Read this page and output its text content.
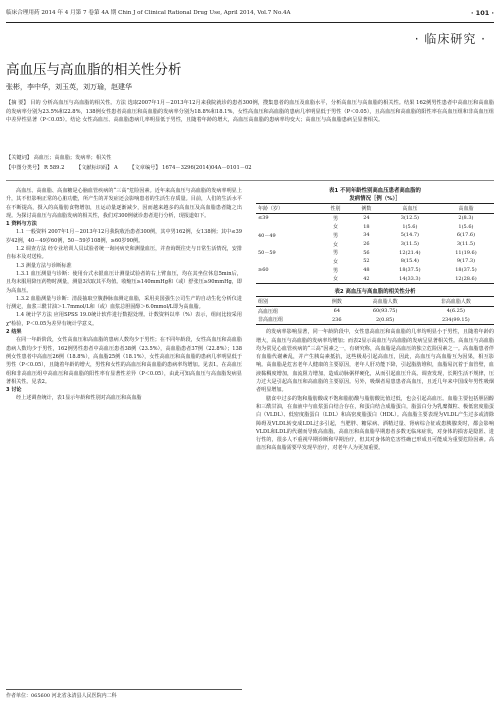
临床合理用药 2014 年 4 月第 7 卷第 4A 期 Chin J of Clinical Rational Drug Use, April 2014, Vol.7 No.4A	· 101 ·
· 临床研究 ·
高血压与高血脂的相关性分析
张彬，李中华，刘玉英，刘万瑜，赵建华
【摘 要】 目的 分析高血压与高血脂的相关性。方法 选取2007年1月－2013年12月来我院就诊的患者300例，搜集患者的血压及血脂水平，分析高血压与高血脂的相关性。结果 162例男性患者中高血压和高血脂的发病率分别为23.5%和22.8%，138例女性患者高血压和高血脂的发病率分别为18.8%和18.1%，女性高血压和高血脂的患病几率明显低于男性（P＜0.05），且高血压和高血脂的阳性率在高血压组和非高血压组中差异性显著（P＜0.05）。结论 女性高血压、高血脂患病几率明显低于男性，且随着年龄的增大，高血压高血脂的患病率均变大；高血压与高血脂患病呈显著相关。
【关键词】 高血压；高血脂；发病率；相关性
【中图分类号】 R 589.2 【文献标识码】 A 【文章编号】 1674－3296(2014)04A－0101－02

高血压、高血脂、高血糖是心脑血管疾病的“三高”危险因素。近年来高血压与高血脂的发病率明显上升，其不但影响正常的心脏功能，所产生的并发症还会影响患者的生活生存质量。目前，人们的生活水平在不断提高，摄入的高脂肪食物增加，且运动量逐渐减少，因而越来越多的高血压及高血脂患者随之出现。为探讨高血压与高血脂发病的相关性，我们对300例就诊患者进行分析，现报道如下。

1 资料与方法

1.1 一般资料 2007年1月－2013年12月我院收治患者300例，其中男162例，女138例；其中≤39岁42例，40－49岁60例，50－59岁108例，≥60岁90例。

1.2 调查方法 经专业培训人员试验者统一询问病史和测量血压，并查询既往史与日常生活情况，安排自标本及对送检。

1.3 测量方法与诊断标准

1.3.1 血压测量与诊断：使用台式水银血压计测量试验者的右上臂血压，均在其坐位休息5min后，且均未服用降压药物时测量，测量3次取其平均值。收缩压≥140mmHg和（或）舒张压≥90mmHg，即为高血压。

1.3.2 血脂测量与诊断：清晨抽取空腹静脉血测定血脂，采用美国强生公司生产的自动生化分析仪进行测定，血浆三酰甘油＞1.7mmol/L和（或）血浆总胆固醇＞6.0mmol/L即为高血脂。

1.4 统计学方法 应用SPSS 19.0统计软件进行数据处理。计数资料以率（%）表示，组间比较采用χ²检验，P＜0.05为差异有统计学意义。

2 结果

在同一年龄阶段，女性高血压和高血脂的患病人数均少于男性；在不同年龄段，女性高血压和高血脂患病人数均少于男性，162例男性患者中高血压患者38例（23.5%），高血脂患者37例（22.8%）；138例女性患者中高血压26例（18.8%），高血脂25例（18.1%），女性高血压和高血脂的患病几率明显低于男性（P＜0.05），且随着年龄的增大，男性和女性的高血压和高血脂的患病率均增加。见表1。在高血压组和非高血压组中高血压和高血脂的阳性率有显著性差异（P＜0.05），由此可知高血压与高血脂发病显著相关性。见表2。

3 讨论

经上述调查统计，表1显示年龄和性别对高血压和高血脂

作者单位：065600 河北省永清县人民医院内二科
表1 不同年龄性别高血压患者高血脂的
发病情况［例（%）］
年龄（岁）	性别	例数	高血压	高血脂
≤39	男	24	3(12.5)	2(8.3)
	女	18	1(5.6)	1(5.6)
40－49	男	34	5(14.7)	6(17.6)
	女	26	3(11.5)	3(11.5)
50－59	男	56	12(21.4)	11(19.6)
	女	52	8(15.4)	9(17.3)
≥60	男	48	18(37.5)	18(37.5)
	女	42	14(33.3)	12(28.6)
表2 高血压与高血脂的相关性分析
组别	例数	高血脂人数	非高血脂人数
高血压组	64	60(93.75)	4(6.25)
非高血压组	236	2(0.85)	234(99.15)

的发病率影响显著，同一年龄阶段中，女性患高血压和高血脂的几率均明显小于男性，且随着年龄的增大，高血压与高血脂的发病率均增加；而表2显示高血压与高血脂的发病呈显著相关性。高血压与高血脂均为常见心血管疾病的“三高”因素之一，有研究称，高血脂是高血压的独立危险因素之一。高血脂患者伴有血脂代谢紊乱，并产生胰岛素抵抗，这些极易引起高血压，因此，高血压与高血脂互为因果，相互影响。高血脂是危害老年人健康的主要原因，老年人肝功能下降，引起脂肪堆积，血脂易沉着于血管壁，血液黏稠度增加，血流阻力增加，造成动脉粥样硬化，从而引起血压升高。调查发现，长期生活不规律，压力过大是引起高血压和高血脂的主要原因。另外，吸烟者易患患者高血压，且近几年来中国成年男性吸烟者明显增加。

膳食中过多的饱和脂肪酸或不饱和脂肪酸与脂肪酸比值过低，也会引起高血压。血脂主要包括胆固醇和三酰甘油，在血液中与血浆蛋白结合存在，和蛋白结合成脂蛋白，脂蛋白分为乳糜微粒、极低密度脂蛋白（VLDL）、低密度脂蛋白（LDL）和高密度脂蛋白（HDL）。高血脂主要表现为VLDL产生过多或清除障碍及VLDL转变成LDL过多引起，当肥胖、糖尿病、酒精过量、肾病综合征或患胰腺炎时，都会影响VLDL和LDL的代谢而导致高血脂。高血压和高血脂早期患者多数无临床症状，对身体的损害是隐匿、进行性的，很多人不重视早期诊断和早期治疗，但其对身体的危害性确已形成且可能成为重要危险因素。高血压和高血脂需要早发现早治疗，对老年人为更加重要。
